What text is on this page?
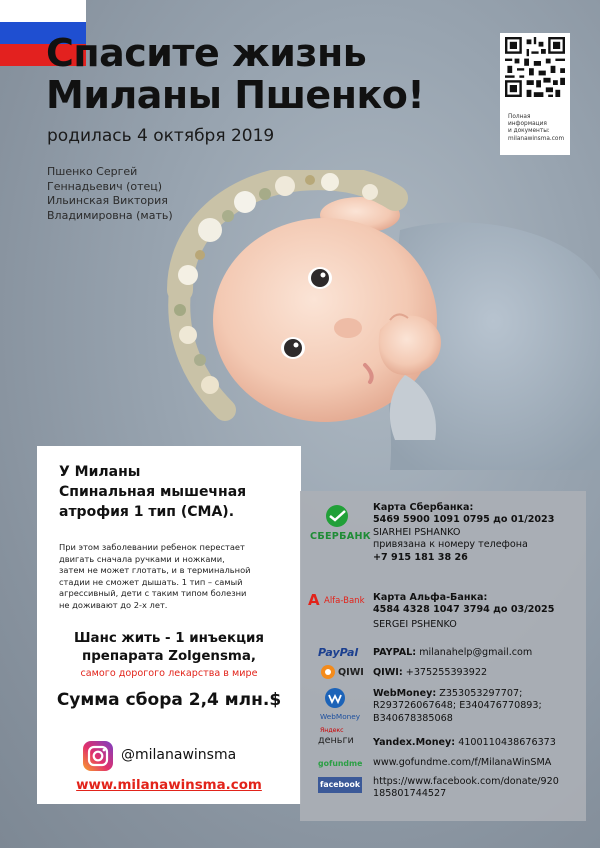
Спасите жизнь
Миланы Пшенко!
родилась 4 октября 2019
Пшенко Сергей
Геннадьевич (отец)
Ильинская Виктория
Владимировна (мать)
Полная
информация
и документы:
milanawinsma.com
У Миланы
Спинальная мышечная
атрофия 1 тип (СМА).
При этом заболевании ребенок перестает
двигать сначала ручками и ножками,
затем не может глотать, и в терминальной
стадии не сможет дышать. 1 тип – самый
агрессивный, дети с таким типом болезни
не доживают до 2-х лет.
Шанс жить - 1 инъекция
препарата Zolgensma,
самого дорогого лекарства в мире
Сумма сбора 2,4 млн.$
@milanawinsma
www.milanawinsma.com
СБЕРБАНК
Карта Сбербанка:
5469 5900 1091 0795 до 01/2023
SIARHEI PSHANKO
привязана к номеру телефона
+7 915 181 38 26
А Alfa-Bank Карта Альфа-Банка:
4584 4328 1047 3794 до 03/2025
SERGEI PSHENKO
PayPal PAYPAL: milanahelp@gmail.com
QIWI QIWI: +375255393922
WebMoney
WebMoney: Z353053297707;
R293726067648; E340476770893;
B340678385068
Яндекс
деньги Yandex.Money: 4100110438676373
gofundme www.gofundme.com/f/MilanaWinSMA
facebook https://www.facebook.com/donate/920
185801744527
